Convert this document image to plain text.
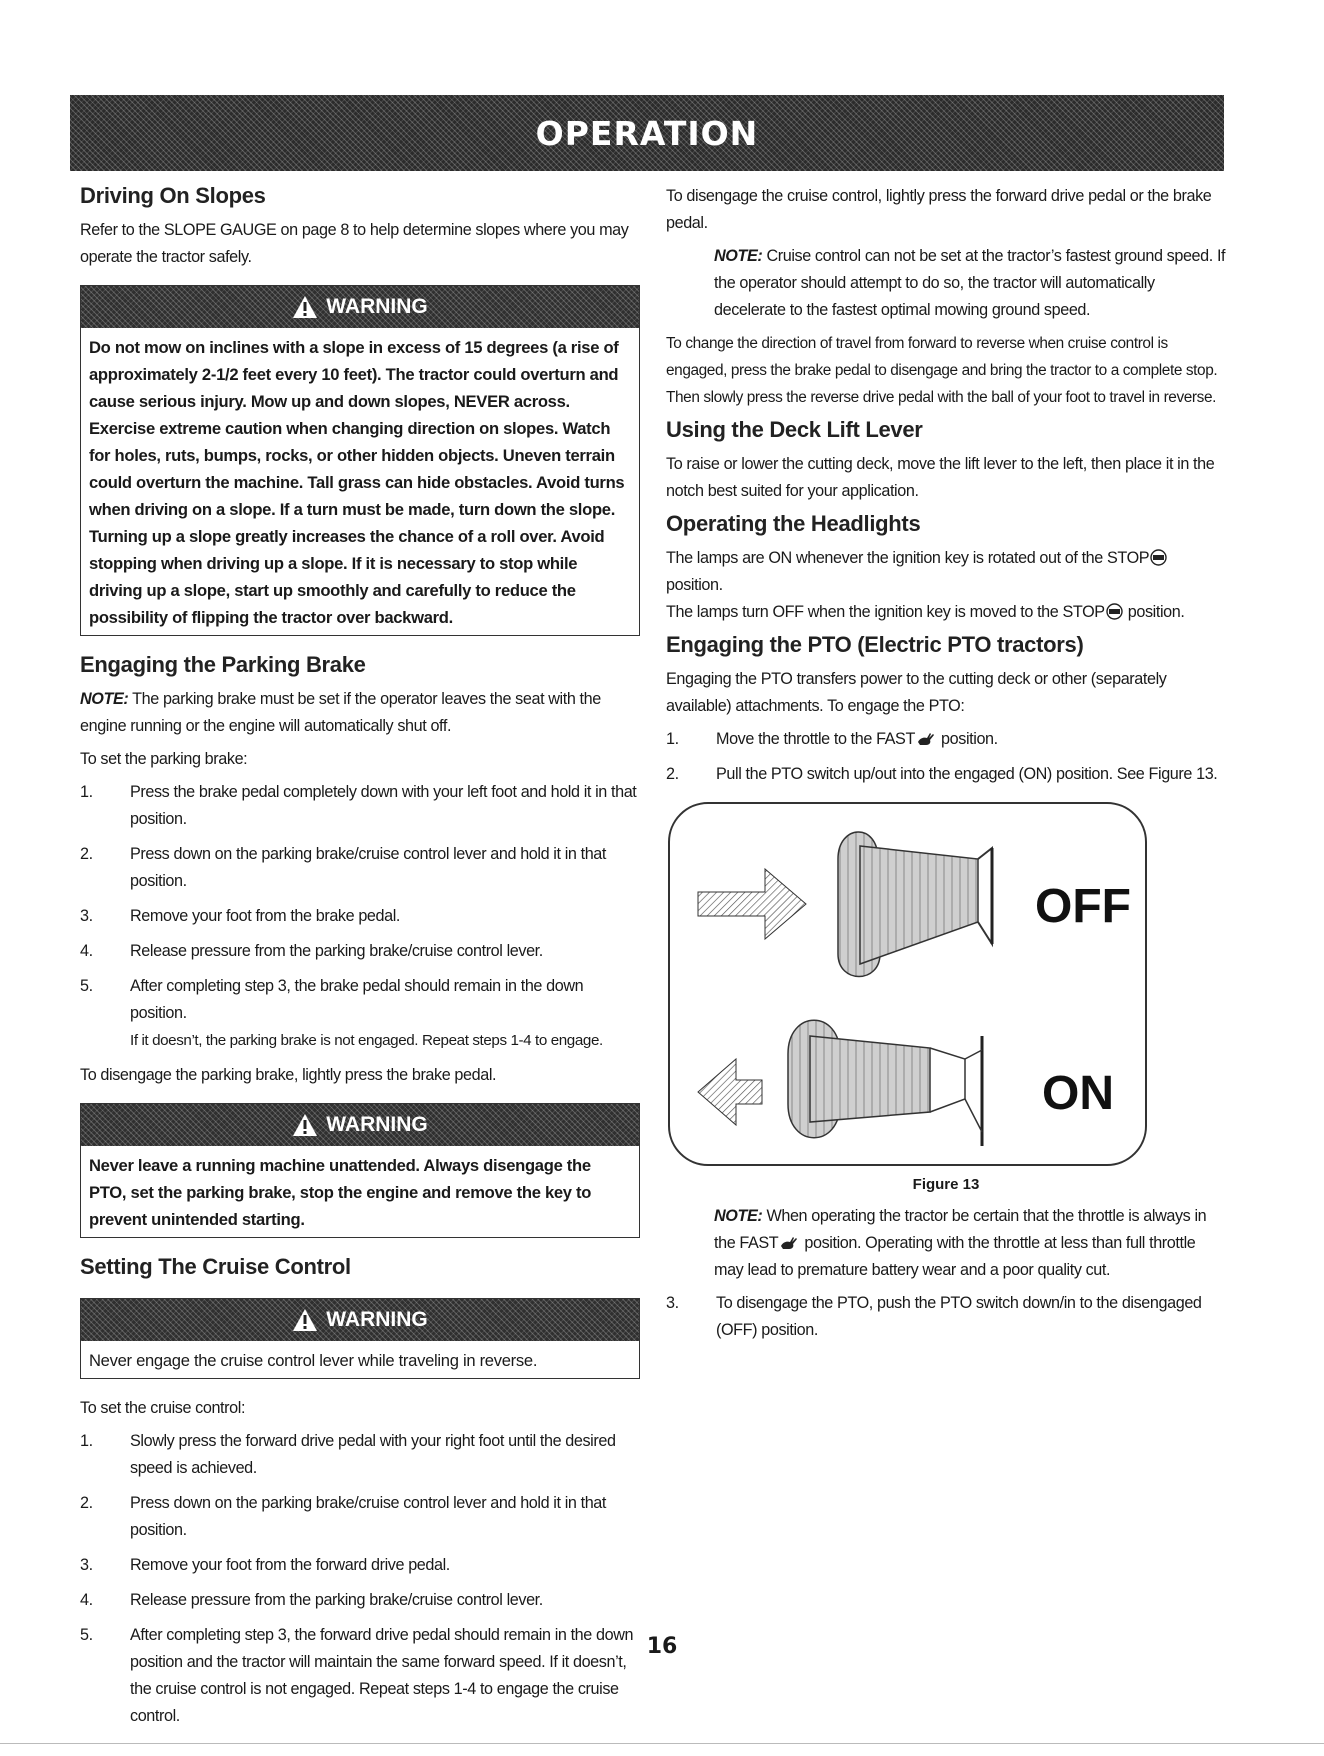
OPERATION
Driving On Slopes

Refer to the SLOPE GAUGE on page 8 to help determine slopes where you may operate the tractor safely.

WARNING

Do not mow on inclines with a slope in excess of 15 degrees (a rise of approximately 2-1/2 feet every 10 feet). The tractor could overturn and cause serious injury. Mow up and down slopes, NEVER across. Exercise extreme caution when changing direction on slopes. Watch for holes, ruts, bumps, rocks, or other hidden objects. Uneven terrain could overturn the machine. Tall grass can hide obstacles. Avoid turns when driving on a slope. If a turn must be made, turn down the slope. Turning up a slope greatly increases the chance of a roll over. Avoid stopping when driving up a slope. If it is necessary to stop while driving up a slope, start up smoothly and carefully to reduce the possibility of flipping the tractor over backward.

Engaging the Parking Brake

NOTE: The parking brake must be set if the operator leaves the seat with the engine running or the engine will automatically shut off.

To set the parking brake:

1. Press the brake pedal completely down with your left foot and hold it in that position.
2. Press down on the parking brake/cruise control lever and hold it in that position.
3. Remove your foot from the brake pedal.
4. Release pressure from the parking brake/cruise control lever.
5. After completing step 3, the brake pedal should remain in the down position.
If it doesn’t, the parking brake is not engaged. Repeat steps 1-4 to engage.

To disengage the parking brake, lightly press the brake pedal.

WARNING

Never leave a running machine unattended. Always disengage the PTO, set the parking brake, stop the engine and remove the key to prevent unintended starting.

Setting The Cruise Control
WARNING

Never engage the cruise control lever while traveling in reverse.

To set the cruise control:

1. Slowly press the forward drive pedal with your right foot until the desired speed is achieved.
2. Press down on the parking brake/cruise control lever and hold it in that position.
3. Remove your foot from the forward drive pedal.
4. Release pressure from the parking brake/cruise control lever.
5. After completing step 3, the forward drive pedal should remain in the down position and the tractor will maintain the same forward speed. If it doesn’t, the cruise control is not engaged. Repeat steps 1-4 to engage the cruise control.

To disengage the cruise control, lightly press the forward drive pedal or the brake pedal.

NOTE: Cruise control can not be set at the tractor’s fastest ground speed. If the operator should attempt to do so, the tractor will automatically decelerate to the fastest optimal mowing ground speed.

To change the direction of travel from forward to reverse when cruise control is engaged, press the brake pedal to disengage and bring the tractor to a complete stop. Then slowly press the reverse drive pedal with the ball of your foot to travel in reverse.

Using the Deck Lift Lever

To raise or lower the cutting deck, move the lift lever to the left, then place it in the notch best suited for your application.

Operating the Headlights

The lamps are ON whenever the ignition key is rotated out of the STOP position.

The lamps turn OFF when the ignition key is moved to the STOP position.

Engaging the PTO (Electric PTO tractors)

Engaging the PTO transfers power to the cutting deck or other (separately available) attachments. To engage the PTO:

1. Move the throttle to the FAST position.
2. Pull the PTO switch up/out into the engaged (ON) position. See Figure 13.
OFF
ON
Figure 13

NOTE: When operating the tractor be certain that the throttle is always in the FAST position. Operating with the throttle at less than full throttle may lead to premature battery wear and a poor quality cut.

3. To disengage the PTO, push the PTO switch down/in to the disengaged (OFF) position.
16
